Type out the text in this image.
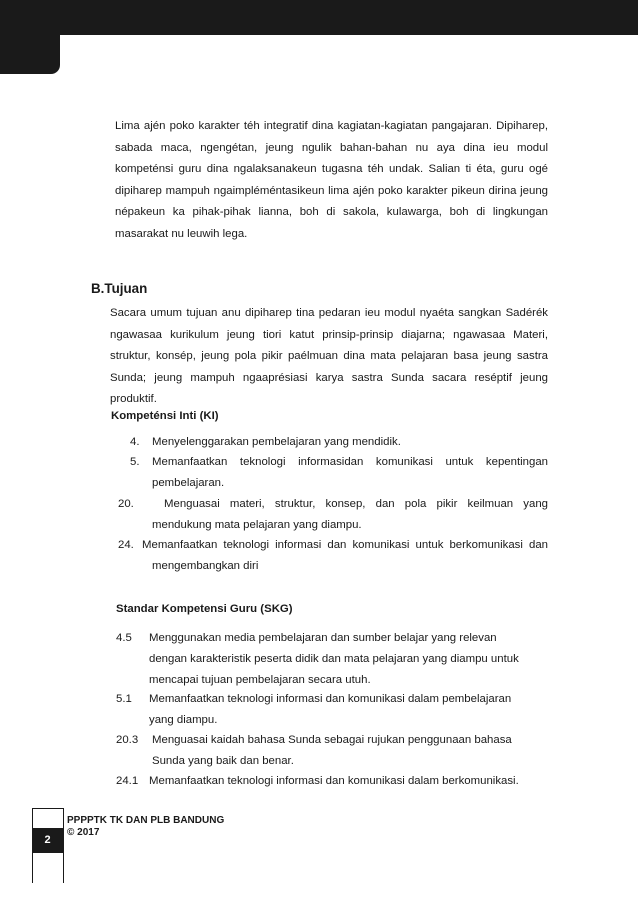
Lima ajén poko karakter téh integratif dina kagiatan-kagiatan pangajaran. Dipiharep, sabada maca, ngengétan, jeung ngulik bahan-bahan nu aya dina ieu modul kompeténsi guru dina ngalaksanakeun tugasna téh undak. Salian ti éta, guru ogé dipiharep mampuh ngaimpléméntasikeun lima ajén poko karakter pikeun dirina jeung népakeun ka pihak-pihak lianna, boh di sakola, kulawarga, boh di lingkungan masarakat nu leuwih lega.

B.Tujuan

Sacara umum tujuan anu dipiharep tina pedaran ieu modul nyaéta sangkan Sadérék ngawasaa kurikulum jeung tiori katut prinsip-prinsip diajarna; ngawasaa Materi, struktur, konsép, jeung pola pikir paélmuan dina mata pelajaran basa jeung sastra Sunda; jeung mampuh ngaaprésiasi karya sastra Sunda sacara reséptif jeung produktif.

Kompeténsi Inti (KI)
4.	Menyelenggarakan pembelajaran yang mendidik.
5.	Memanfaatkan teknologi informasidan komunikasi untuk kepentingan
pembelajaran.
20.	Menguasai materi, struktur, konsep, dan pola pikir keilmuan yang
mendukung mata pelajaran yang diampu.
24. Memanfaatkan teknologi informasi dan komunikasi untuk berkomunikasi dan
mengembangkan diri
Standar Kompetensi Guru (SKG)
4.5	Menggunakan media pembelajaran dan sumber belajar yang relevan
dengan karakteristik peserta didik dan mata pelajaran yang diampu untuk
mencapai tujuan pembelajaran secara utuh.
5.1	Memanfaatkan teknologi informasi dan komunikasi dalam pembelajaran
yang diampu.
20.3	Menguasai kaidah bahasa Sunda sebagai rujukan penggunaan bahasa
Sunda yang baik dan benar.
24.1 Memanfaatkan teknologi informasi dan komunikasi dalam berkomunikasi.
2
PPPPTK TK DAN PLB BANDUNG
© 2017
